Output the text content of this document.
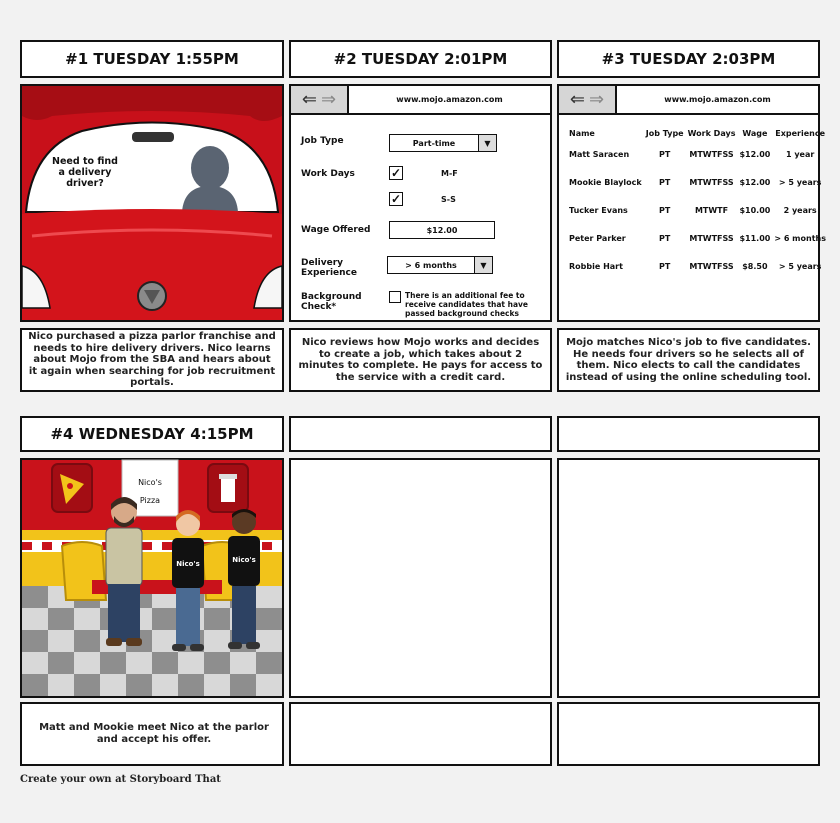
#1 TUESDAY 1:55PM	#2 TUESDAY 2:01PM	#3 TUESDAY 2:03PM
Need to find a delivery driver?
⇐ ⇒	www.mojo.amazon.com
Job Type	Part-time	▼
Work Days	✓	M-F
✓	S-S
Wage Offered	$12.00
Delivery Experience
> 6 months	▼
Background Check*
There is an additional fee to receive candidates that have passed background checks
⇐ ⇒	www.mojo.amazon.com
Name	Job Type	Work Days	Wage	Experience
Matt Saracen	PT	MTWTFSS	$12.00	1 year
Mookie Blaylock	PT	MTWTFSS	$12.00	> 5 years
Tucker Evans	PT	MTWTF	$10.00	2 years
Peter Parker	PT	MTWTFSS	$11.00	> 6 months
Robbie Hart	PT	MTWTFSS	$8.50	> 5 years
Nico purchased a pizza parlor franchise and needs to hire delivery drivers. Nico learns about Mojo from the SBA and hears about it again when searching for job recruitment portals.
Nico reviews how Mojo works and decides to create a job, which takes about 2 minutes to complete. He pays for access to the service with a credit card.
Mojo matches Nico's job to five candidates. He needs four drivers so he selects all of them. Nico elects to call the candidates instead of using the online scheduling tool.
#4 WEDNESDAY 4:15PM
Nico's
Pizza
Nico's	Nico's
Matt and Mookie meet Nico at the parlor and accept his offer.
Create your own at Storyboard That
